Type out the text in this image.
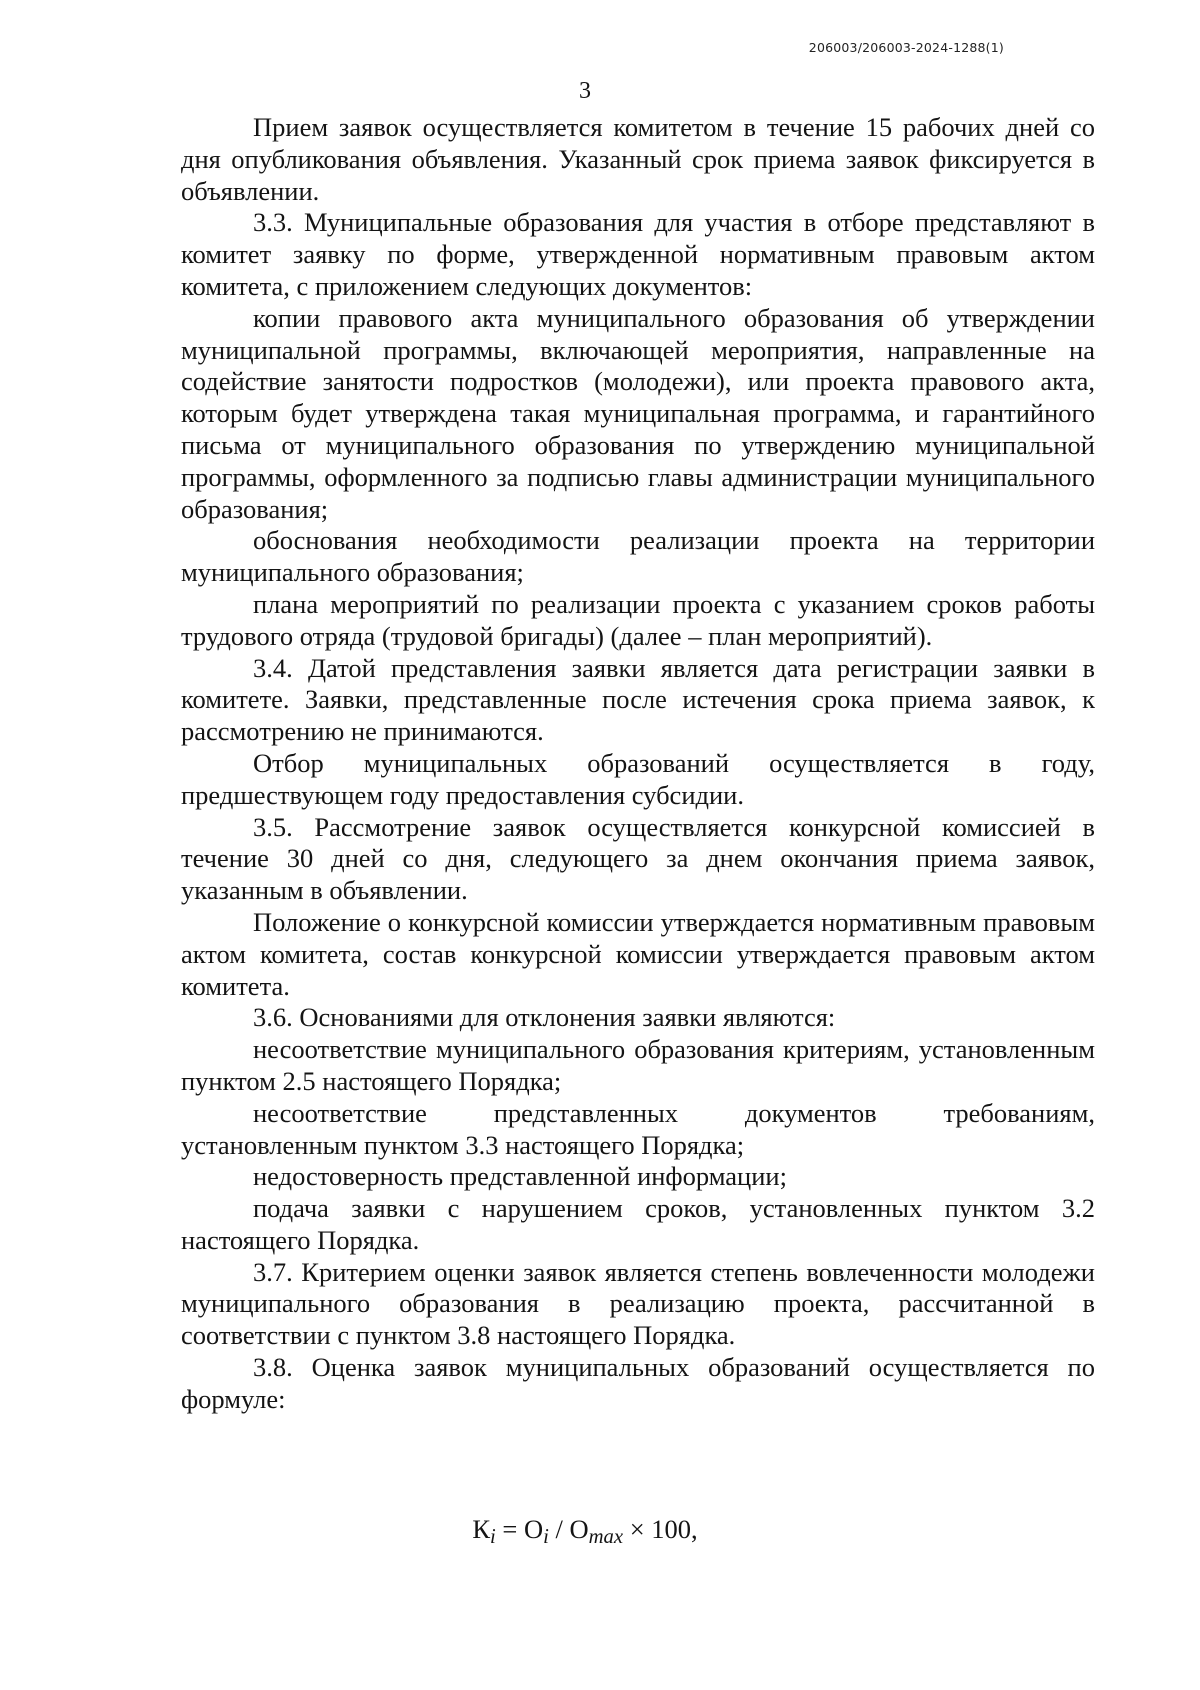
206003/206003-2024-1288(1)
3

Прием заявок осуществляется комитетом в течение 15 рабочих дней со дня опубликования объявления. Указанный срок приема заявок фиксируется в объявлении.

3.3. Муниципальные образования для участия в отборе представляют в комитет заявку по форме, утвержденной нормативным правовым актом комитета, с приложением следующих документов:

копии правового акта муниципального образования об утверждении муниципальной программы, включающей мероприятия, направленные на содействие занятости подростков (молодежи), или проекта правового акта, которым будет утверждена такая муниципальная программа, и гарантийного письма от муниципального образования по утверждению муниципальной программы, оформленного за подписью главы администрации муниципального образования;

обоснования необходимости реализации проекта на территории муниципального образования;

плана мероприятий по реализации проекта с указанием сроков работы трудового отряда (трудовой бригады) (далее – план мероприятий).

3.4. Датой представления заявки является дата регистрации заявки в комитете. Заявки, представленные после истечения срока приема заявок, к рассмотрению не принимаются.

Отбор муниципальных образований осуществляется в году, предшествующем году предоставления субсидии.

3.5. Рассмотрение заявок осуществляется конкурсной комиссией в течение 30 дней со дня, следующего за днем окончания приема заявок, указанным в объявлении.

Положение о конкурсной комиссии утверждается нормативным правовым актом комитета, состав конкурсной комиссии утверждается правовым актом комитета.

3.6. Основаниями для отклонения заявки являются:

несоответствие муниципального образования критериям, установленным пунктом 2.5 настоящего Порядка;

несоответствие представленных документов требованиям, установленным пунктом 3.3 настоящего Порядка;

недостоверность представленной информации;

подача заявки с нарушением сроков, установленных пунктом 3.2 настоящего Порядка.

3.7. Критерием оценки заявок является степень вовлеченности молодежи муниципального образования в реализацию проекта, рассчитанной в соответствии с пунктом 3.8 настоящего Порядка.

3.8. Оценка заявок муниципальных образований осуществляется по формуле:

Кi = Оi / Оmax × 100,
